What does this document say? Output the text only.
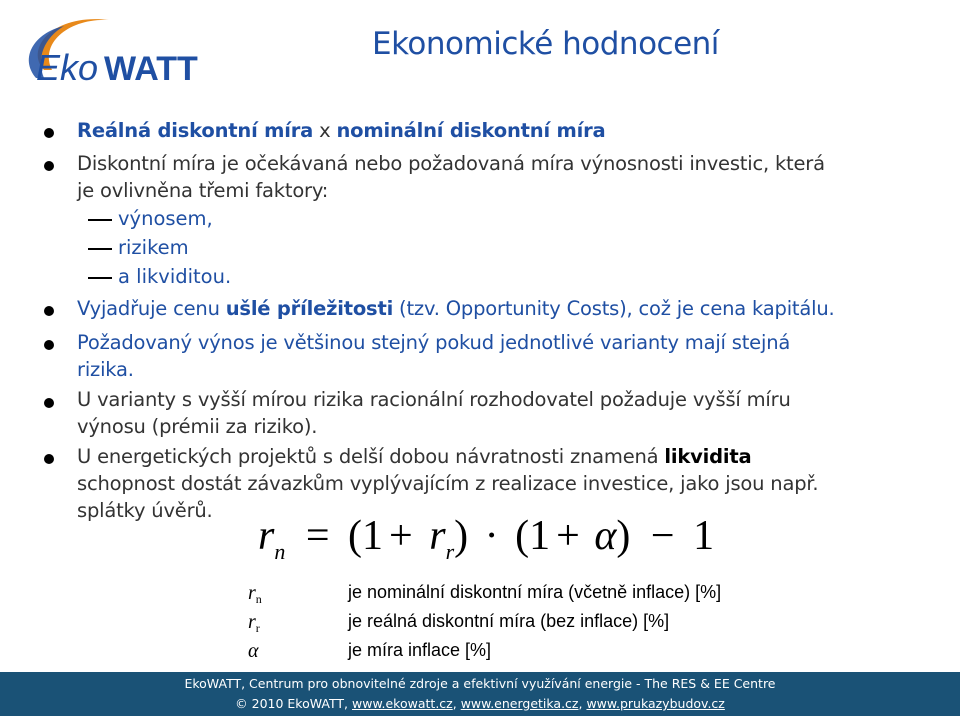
Eko WATT
Ekonomické hodnocení
Reálná diskontní míra x nominální diskontní míra
Diskontní míra je očekávaná nebo požadovaná míra výnosnosti investic, která
je ovlivněna třemi faktory:
výnosem,
rizikem
a likviditou.
Vyjadřuje cenu ušlé příležitosti (tzv. Opportunity Costs), což je cena kapitálu.
Požadovaný výnos je většinou stejný pokud jednotlivé varianty mají stejná
rizika.
U varianty s vyšší mírou rizika racionální rozhodovatel požaduje vyšší míru
výnosu (prémii za riziko).
U energetických projektů s delší dobou návratnosti znamená likvidita
schopnost dostát závazkům vyplývajícím z realizace investice, jako jsou např.
splátky úvěrů.
$r_n = (1 + r_r) \cdot (1 + \alpha) - 1$
$r_n$	je nominální diskontní míra (včetně inflace) [%]
$r_r$	je reálná diskontní míra (bez inflace) [%]
α	je míra inflace [%]
EkoWATT, Centrum pro obnovitelné zdroje a efektivní využívání energie - The RES & EE Centre
© 2010 EkoWATT, www.ekowatt.cz, www.energetika.cz, www.prukazybudov.cz
